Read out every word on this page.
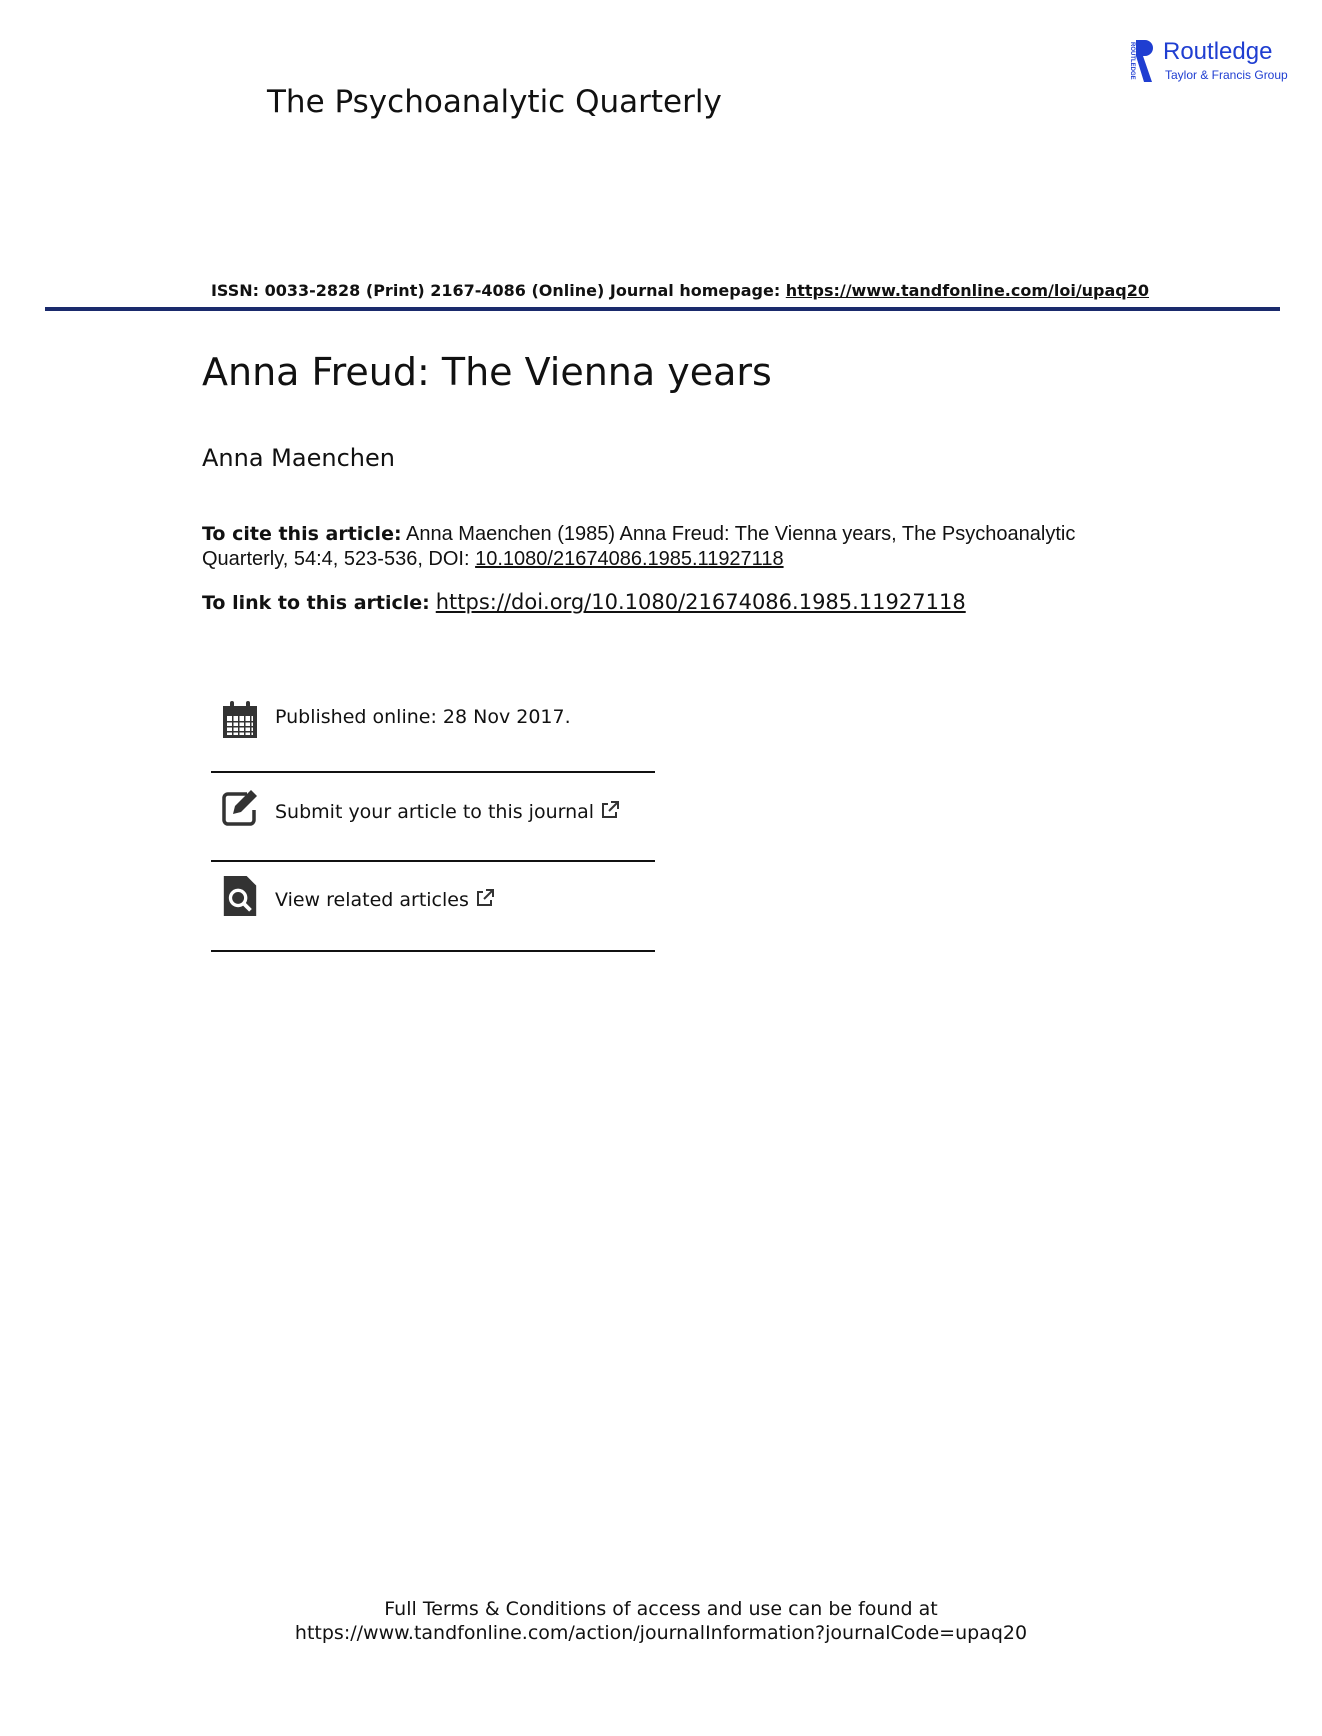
The Psychoanalytic Quarterly
ROUTLEDGE Routledge
Taylor & Francis Group
ISSN: 0033-2828 (Print) 2167-4086 (Online) Journal homepage: https://www.tandfonline.com/loi/upaq20
Anna Freud: The Vienna years
Anna Maenchen
To cite this article: Anna Maenchen (1985) Anna Freud: The Vienna years, The Psychoanalytic Quarterly, 54:4, 523-536, DOI: 10.1080/21674086.1985.11927118
To link to this article: https://doi.org/10.1080/21674086.1985.11927118
Published online: 28 Nov 2017.
Submit your article to this journal
View related articles
Full Terms & Conditions of access and use can be found at
https://www.tandfonline.com/action/journalInformation?journalCode=upaq20
